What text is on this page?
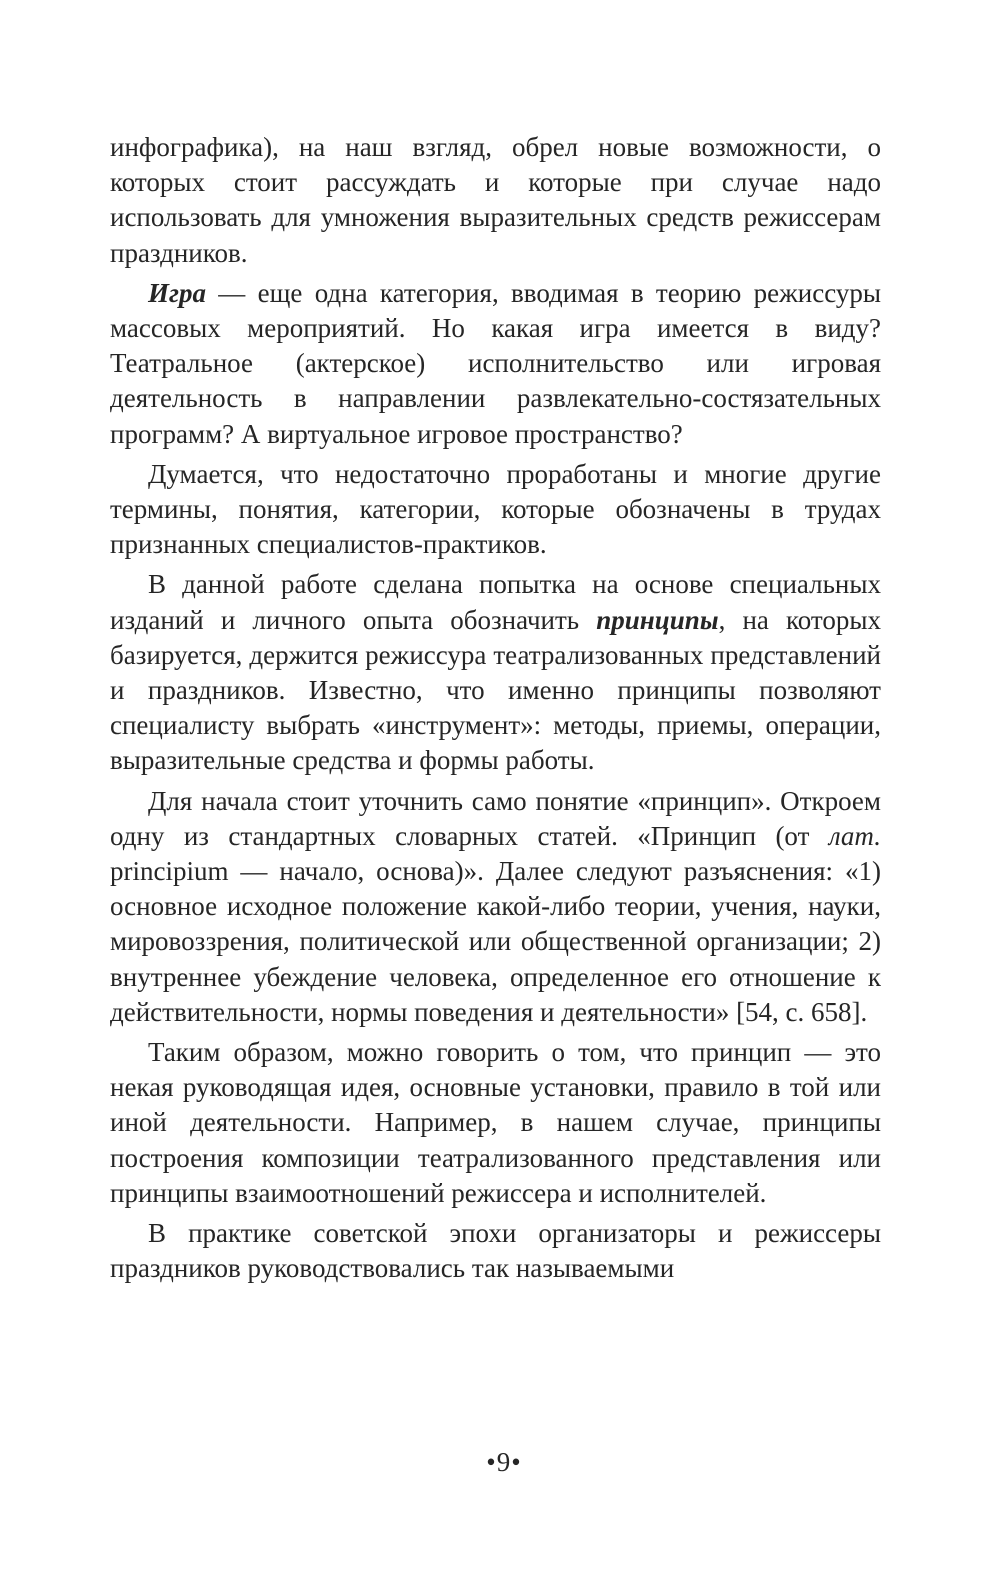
инфографика), на наш взгляд, обрел новые возможности, о которых стоит рассуждать и которые при случае надо использовать для умножения выразительных средств режиссерам праздников.

Игра — еще одна категория, вводимая в теорию режиссуры массовых мероприятий. Но какая игра имеется в виду? Театральное (актерское) исполнительство или игровая деятельность в направлении развлекательно-состязательных программ? А виртуальное игровое пространство?

Думается, что недостаточно проработаны и многие другие термины, понятия, категории, которые обозначены в трудах признанных специалистов-практиков.

В данной работе сделана попытка на основе специальных изданий и личного опыта обозначить принципы, на которых базируется, держится режиссура театрализованных представлений и праздников. Известно, что именно принципы позволяют специалисту выбрать «инструмент»: методы, приемы, операции, выразительные средства и формы работы.

Для начала стоит уточнить само понятие «принцип». Откроем одну из стандартных словарных статей. «Принцип (от лат. principium — начало, основа)». Далее следуют разъяснения: «1) основное исходное положение какой-либо теории, учения, науки, мировоззрения, политической или общественной организации; 2) внутреннее убеждение человека, определенное его отношение к действительности, нормы поведения и деятельности» [54, с. 658].

Таким образом, можно говорить о том, что принцип — это некая руководящая идея, основные установки, правило в той или иной деятельности. Например, в нашем случае, принципы построения композиции театрализованного представления или принципы взаимоотношений режиссера и исполнителей.

В практике советской эпохи организаторы и режиссеры праздников руководствовались так называемыми

•9•
